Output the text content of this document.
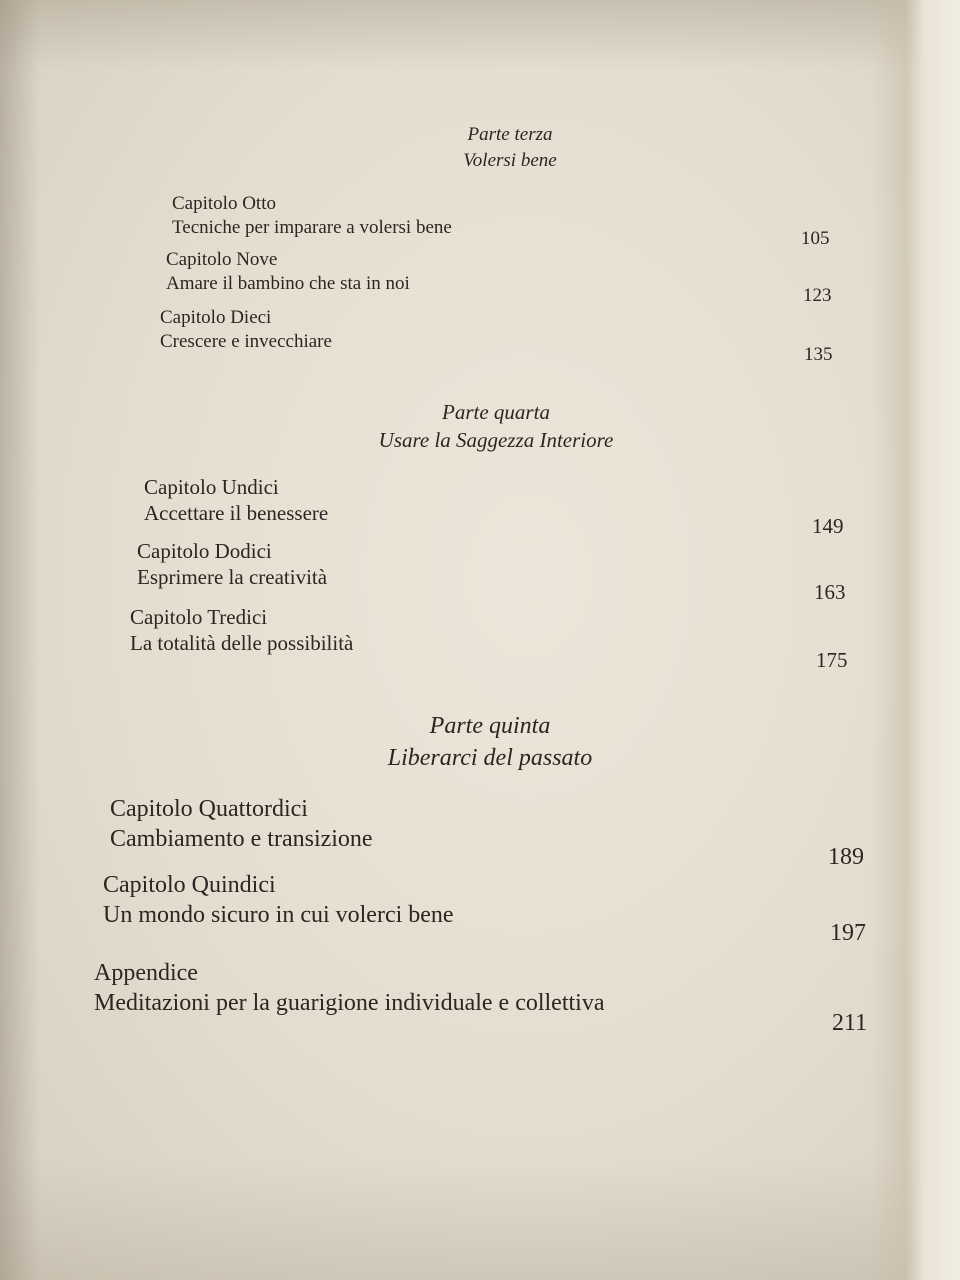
Parte terza
Volersi bene
Capitolo Otto
Tecniche per imparare a volersi bene
105
Capitolo Nove
Amare il bambino che sta in noi
123
Capitolo Dieci
Crescere e invecchiare
135
Parte quarta
Usare la Saggezza Interiore
Capitolo Undici
Accettare il benessere
149
Capitolo Dodici
Esprimere la creatività
163
Capitolo Tredici
La totalità delle possibilità
175
Parte quinta
Liberarci del passato
Capitolo Quattordici
Cambiamento e transizione
189
Capitolo Quindici
Un mondo sicuro in cui volerci bene
197
Appendice
Meditazioni per la guarigione individuale e collettiva
211
